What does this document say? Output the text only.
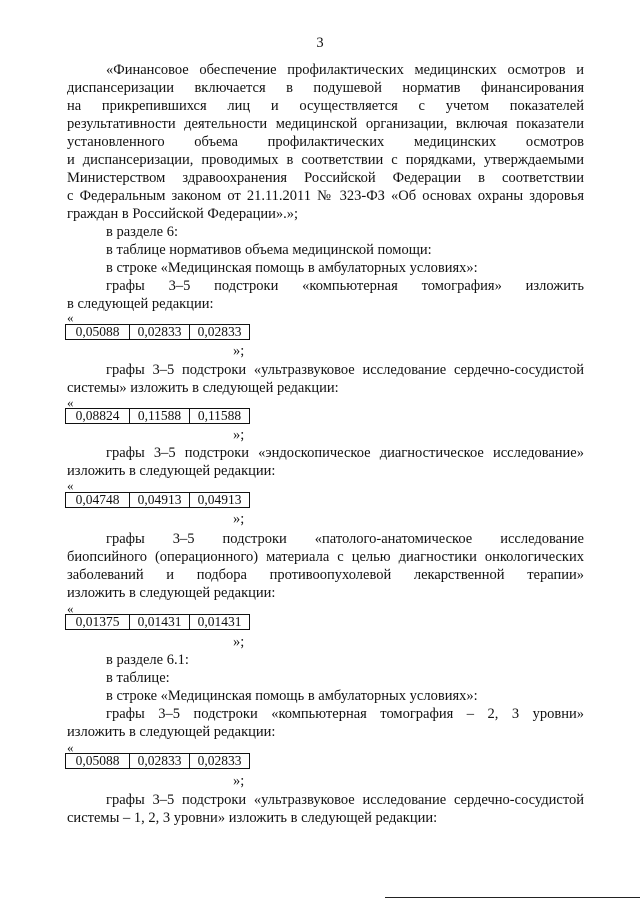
3
«Финансовое обеспечение профилактических медицинских осмотров и
диспансеризации включается в подушевой норматив финансирования
на прикрепившихся лиц и осуществляется с учетом показателей
результативности деятельности медицинской организации, включая показатели
установленного объема профилактических медицинских осмотров
и диспансеризации, проводимых в соответствии с порядками, утверждаемыми
Министерством здравоохранения Российской Федерации в соответствии
с Федеральным законом от 21.11.2011 № 323-ФЗ «Об основах охраны здоровья
граждан в Российской Федерации».»;
в разделе 6:
в таблице нормативов объема медицинской помощи:
в строке «Медицинская помощь в амбулаторных условиях»:
графы 3–5 подстроки «компьютерная томография» изложить
в следующей редакции:
«
0,05088	0,02833	0,02833
»;
графы 3–5 подстроки «ультразвуковое исследование сердечно-сосудистой
системы» изложить в следующей редакции:
«
0,08824	0,11588	0,11588
»;
графы 3–5 подстроки «эндоскопическое диагностическое исследование»
изложить в следующей редакции:
«
0,04748	0,04913	0,04913
»;
графы 3–5 подстроки «патолого-анатомическое исследование
биопсийного (операционного) материала с целью диагностики онкологических
заболеваний и подбора противоопухолевой лекарственной терапии»
изложить в следующей редакции:
«
0,01375	0,01431	0,01431
»;
в разделе 6.1:
в таблице:
в строке «Медицинская помощь в амбулаторных условиях»:
графы 3–5 подстроки «компьютерная томография – 2, 3 уровни»
изложить в следующей редакции:
«
0,05088	0,02833	0,02833
»;
графы 3–5 подстроки «ультразвуковое исследование сердечно-сосудистой
системы – 1, 2, 3 уровни» изложить в следующей редакции:
